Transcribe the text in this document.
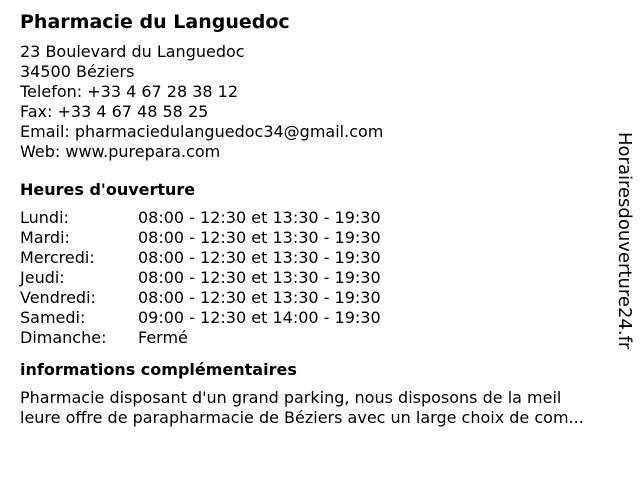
Pharmacie du Languedoc
23 Boulevard du Languedoc
34500 Béziers
Telefon: +33 4 67 28 38 12
Fax: +33 4 67 48 58 25
Email: pharmaciedulanguedoc34@gmail.com
Web: www.purepara.com
Heures d'ouverture
Lundi:	08:00 - 12:30 et 13:30 - 19:30
Mardi:	08:00 - 12:30 et 13:30 - 19:30
Mercredi:	08:00 - 12:30 et 13:30 - 19:30
Jeudi:	08:00 - 12:30 et 13:30 - 19:30
Vendredi:	08:00 - 12:30 et 13:30 - 19:30
Samedi:	09:00 - 12:30 et 14:00 - 19:30
Dimanche:	Fermé
informations complémentaires
Pharmacie disposant d'un grand parking, nous disposons de la meil
leure offre de parapharmacie de Béziers avec un large choix de com...
Horairesdouverture24.fr
